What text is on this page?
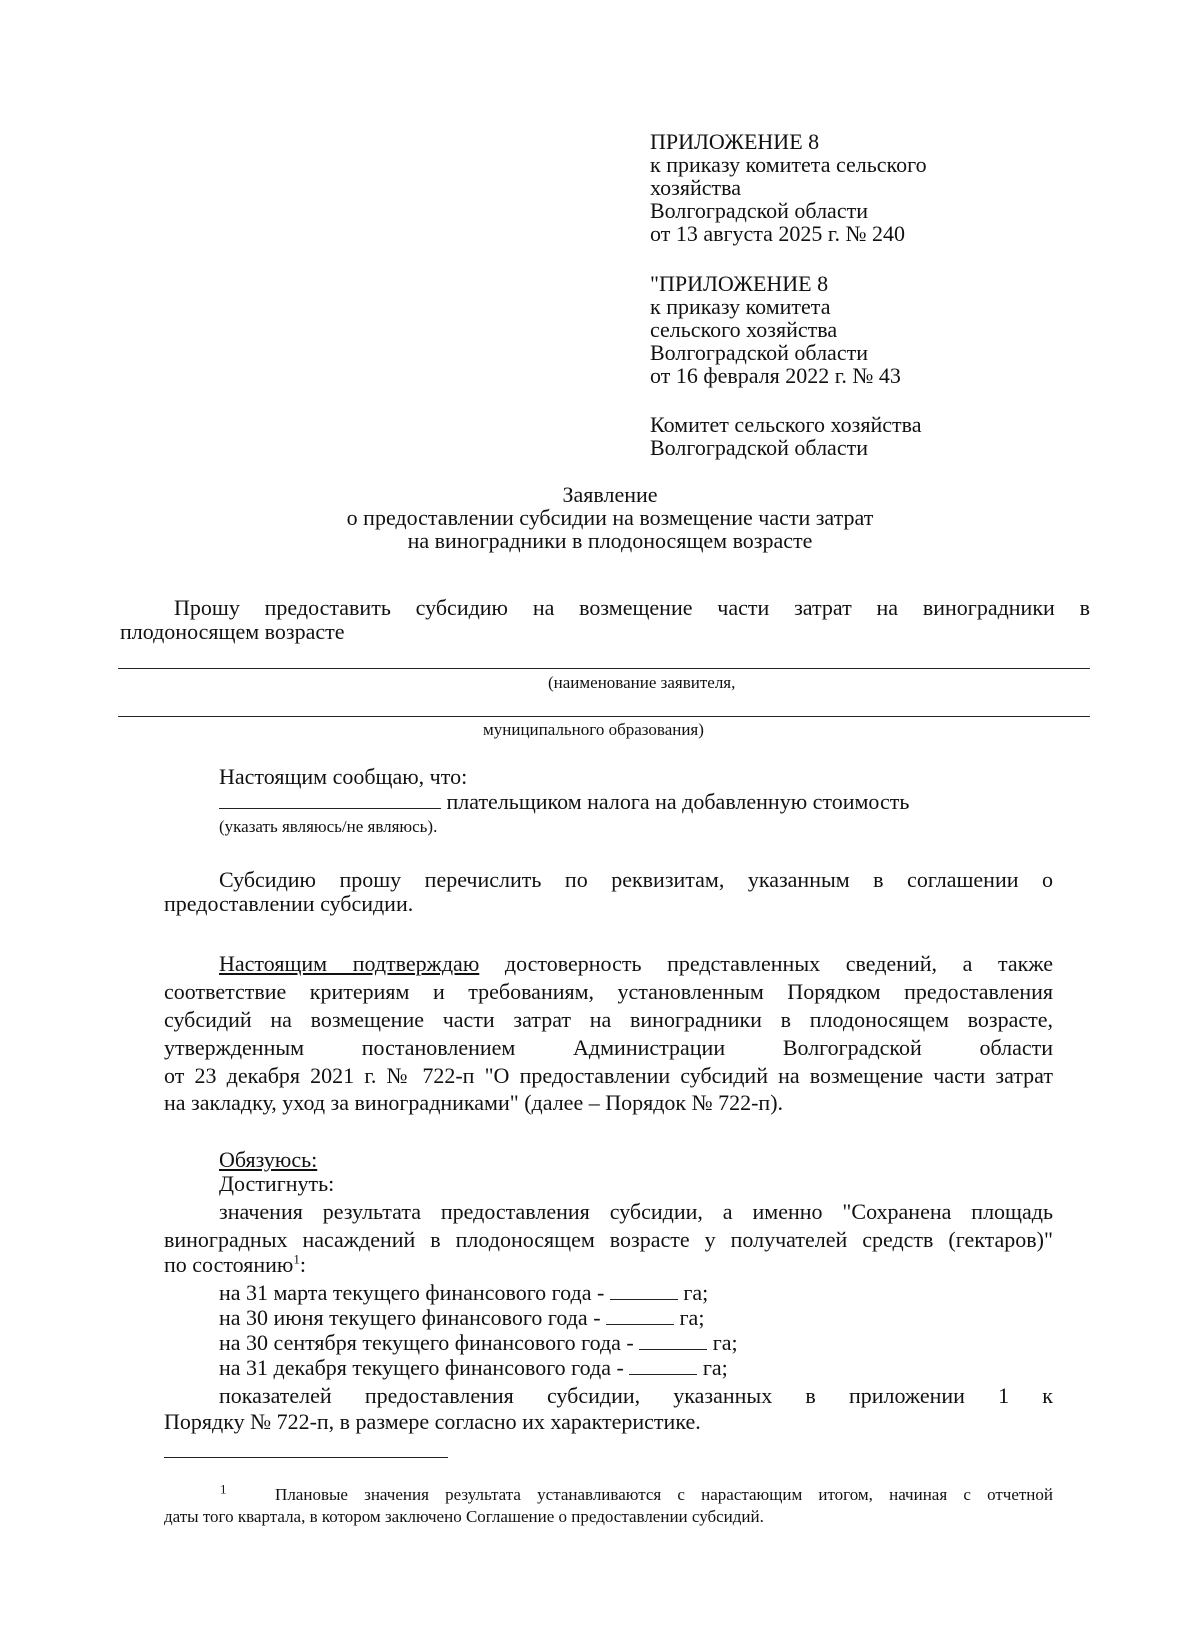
ПРИЛОЖЕНИЕ 8
к приказу комитета сельского
хозяйства
Волгоградской области
от 13 августа 2025 г. № 240
"ПРИЛОЖЕНИЕ 8
к приказу комитета
сельского хозяйства
Волгоградской области
от 16 февраля 2022 г. № 43
Комитет сельского хозяйства
Волгоградской области
Заявление
о предоставлении субсидии на возмещение части затрат
на виноградники в плодоносящем возрасте
Прошу предоставить субсидию на возмещение части затрат на виноградники в
плодоносящем возрасте
(наименование заявителя,
муниципального образования)
Настоящим сообщаю, что:
плательщиком налога на добавленную стоимость
(указать являюсь/не являюсь).
Субсидию прошу перечислить по реквизитам, указанным в соглашении о
предоставлении субсидии.
Настоящим подтверждаю достоверность представленных сведений, а также
соответствие критериям и требованиям, установленным Порядком предоставления
субсидий на возмещение части затрат на виноградники в плодоносящем возрасте,
утвержденным постановлением Администрации Волгоградской области
от 23 декабря 2021 г. № 722-п "О предоставлении субсидий на возмещение части затрат
на закладку, уход за виноградниками" (далее – Порядок № 722-п).
Обязуюсь:
Достигнуть:
значения результата предоставления субсидии, а именно "Сохранена площадь
виноградных насаждений в плодоносящем возрасте у получателей средств (гектаров)"
по состоянию$^1$:
на 31 марта текущего финансового года -	га;
на 30 июня текущего финансового года -	га;
на 30 сентября текущего финансового года -	га;
на 31 декабря текущего финансового года -	га;
показателей предоставления субсидии, указанных в приложении 1 к
Порядку № 722-п, в размере согласно их характеристике.
$^1$	Плановые значения результата устанавливаются с нарастающим итогом, начиная с отчетной
даты того квартала, в котором заключено Соглашение о предоставлении субсидий.
